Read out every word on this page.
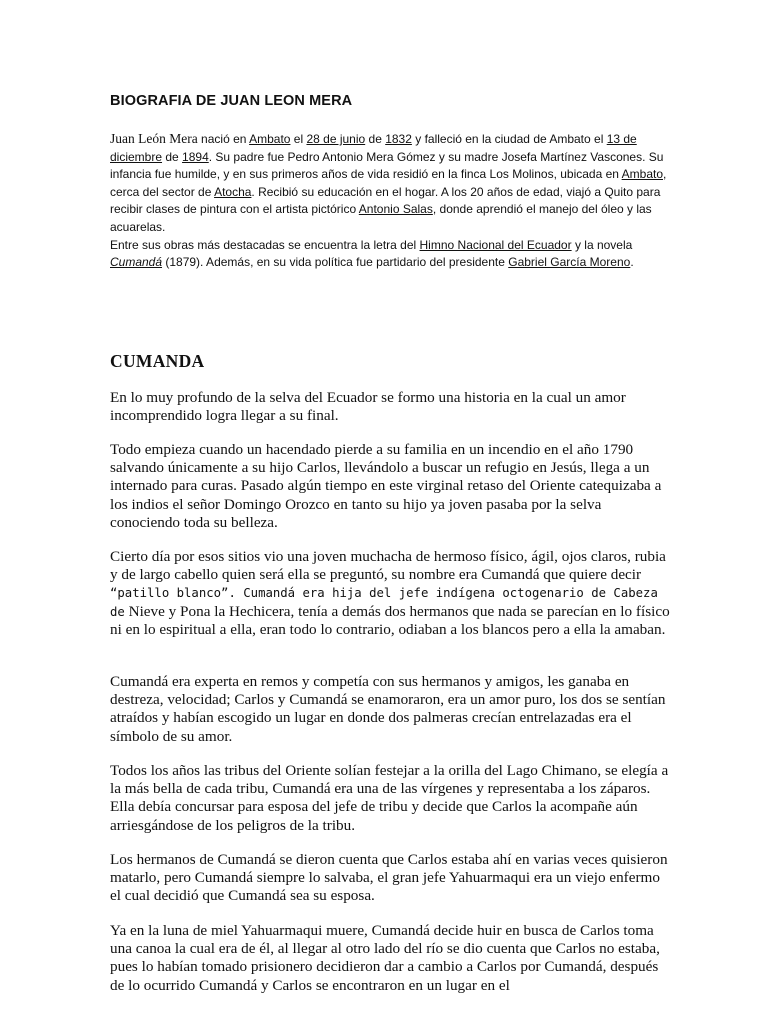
BIOGRAFIA DE JUAN LEON MERA

Juan León Mera nació en Ambato el 28 de junio de 1832 y falleció en la ciudad de Ambato el 13 de diciembre de 1894. Su padre fue Pedro Antonio Mera Gómez y su madre Josefa Martínez Vascones. Su infancia fue humilde, y en sus primeros años de vida residió en la finca Los Molinos, ubicada en Ambato, cerca del sector de Atocha. Recibió su educación en el hogar. A los 20 años de edad, viajó a Quito para recibir clases de pintura con el artista pictórico Antonio Salas, donde aprendió el manejo del óleo y las acuarelas.
Entre sus obras más destacadas se encuentra la letra del Himno Nacional del Ecuador y la novela Cumandá (1879). Además, en su vida política fue partidario del presidente Gabriel García Moreno.

CUMANDA

En lo muy profundo de la selva del Ecuador se formo una historia en la cual un amor incomprendido logra llegar a su final.

Todo empieza cuando un hacendado pierde a su familia en un incendio en el año 1790 salvando únicamente a su hijo Carlos, llevándolo a buscar un refugio en Jesús, llega a un internado para curas. Pasado algún tiempo en este virginal retaso del Oriente catequizaba a los indios el señor Domingo Orozco en tanto su hijo ya joven pasaba por la selva conociendo toda su belleza.

Cierto día por esos sitios vio una joven muchacha de hermoso físico, ágil, ojos claros, rubia y de largo cabello quien será ella se preguntó, su nombre era Cumandá que quiere decir “patillo blanco”. Cumandá era hija del jefe indígena octogenario de Cabeza de Nieve y Pona la Hechicera, tenía a demás dos hermanos que nada se parecían en lo físico ni en lo espiritual a ella, eran todo lo contrario, odiaban a los blancos pero a ella la amaban.

Cumandá era experta en remos y competía con sus hermanos y amigos, les ganaba en destreza, velocidad; Carlos y Cumandá se enamoraron, era un amor puro, los dos se sentían atraídos y habían escogido un lugar en donde dos palmeras crecían entrelazadas era el símbolo de su amor.

Todos los años las tribus del Oriente solían festejar a la orilla del Lago Chimano, se elegía a la más bella de cada tribu, Cumandá era una de las vírgenes y representaba a los záparos. Ella debía concursar para esposa del jefe de tribu y decide que Carlos la acompañe aún arriesgándose de los peligros de la tribu.

Los hermanos de Cumandá se dieron cuenta que Carlos estaba ahí en varias veces quisieron matarlo, pero Cumandá siempre lo salvaba, el gran jefe Yahuarmaqui era un viejo enfermo el cual decidió que Cumandá sea su esposa.

Ya en la luna de miel Yahuarmaqui muere, Cumandá decide huir en busca de Carlos toma una canoa la cual era de él, al llegar al otro lado del río se dio cuenta que Carlos no estaba, pues lo habían tomado prisionero decidieron dar a cambio a Carlos por Cumandá, después de lo ocurrido Cumandá y Carlos se encontraron en un lugar en el
